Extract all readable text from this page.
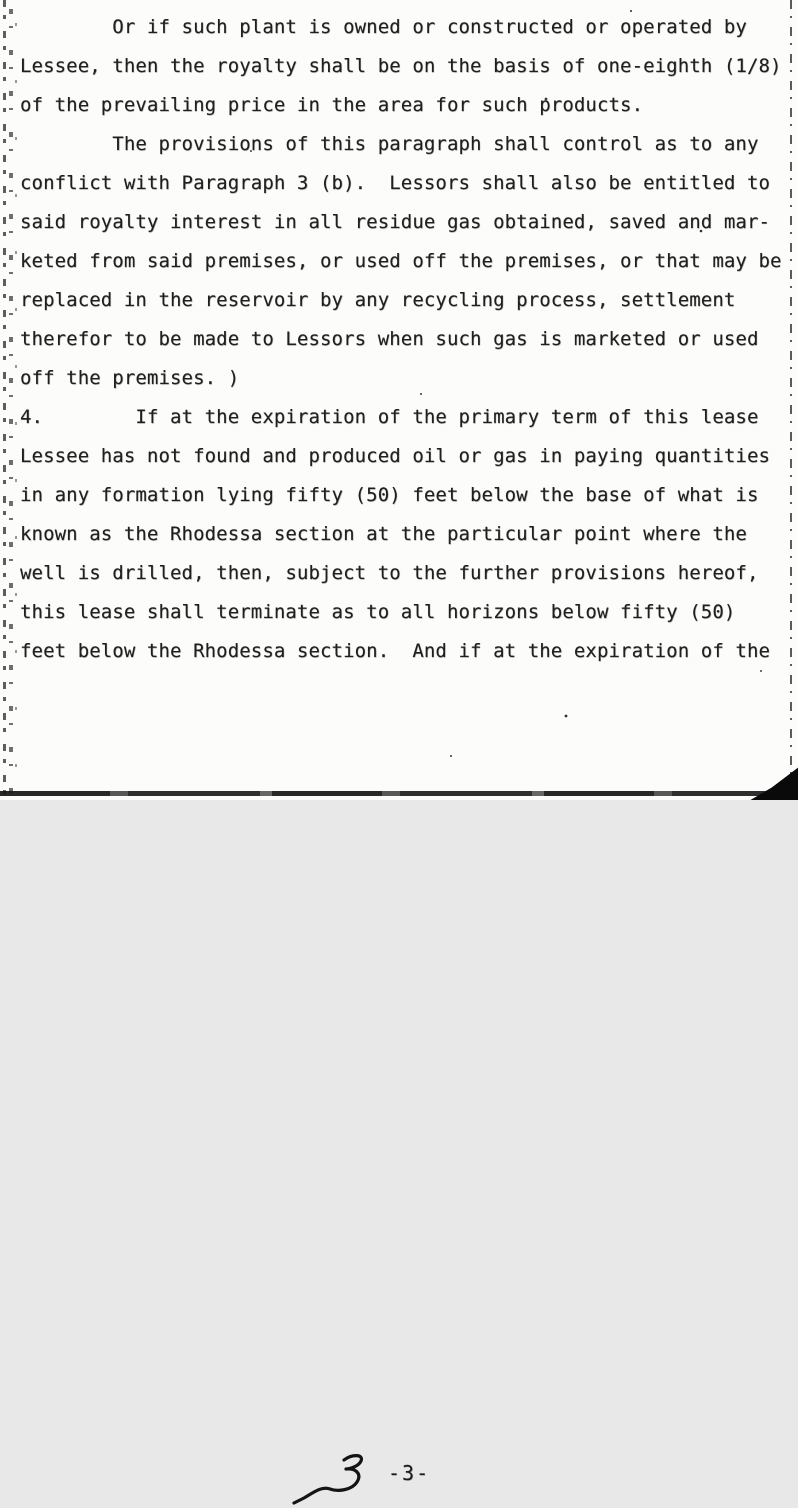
Or if such plant is owned or constructed or operated by
Lessee, then the royalty shall be on the basis of one-eighth (1/8)
of the prevailing price in the area for such products.
The provisions of this paragraph shall control as to any
conflict with Paragraph 3 (b).  Lessors shall also be entitled to
said royalty interest in all residue gas obtained, saved and mar-
keted from said premises, or used off the premises, or that may be
replaced in the reservoir by any recycling process, settlement
therefor to be made to Lessors when such gas is marketed or used
off the premises. )
4.        If at the expiration of the primary term of this lease
Lessee has not found and produced oil or gas in paying quantities
in any formation lying fifty (50) feet below the base of what is
known as the Rhodessa section at the particular point where the
well is drilled, then, subject to the further provisions hereof,
this lease shall terminate as to all horizons below fifty (50)
feet below the Rhodessa section.  And if at the expiration of the
-3-
